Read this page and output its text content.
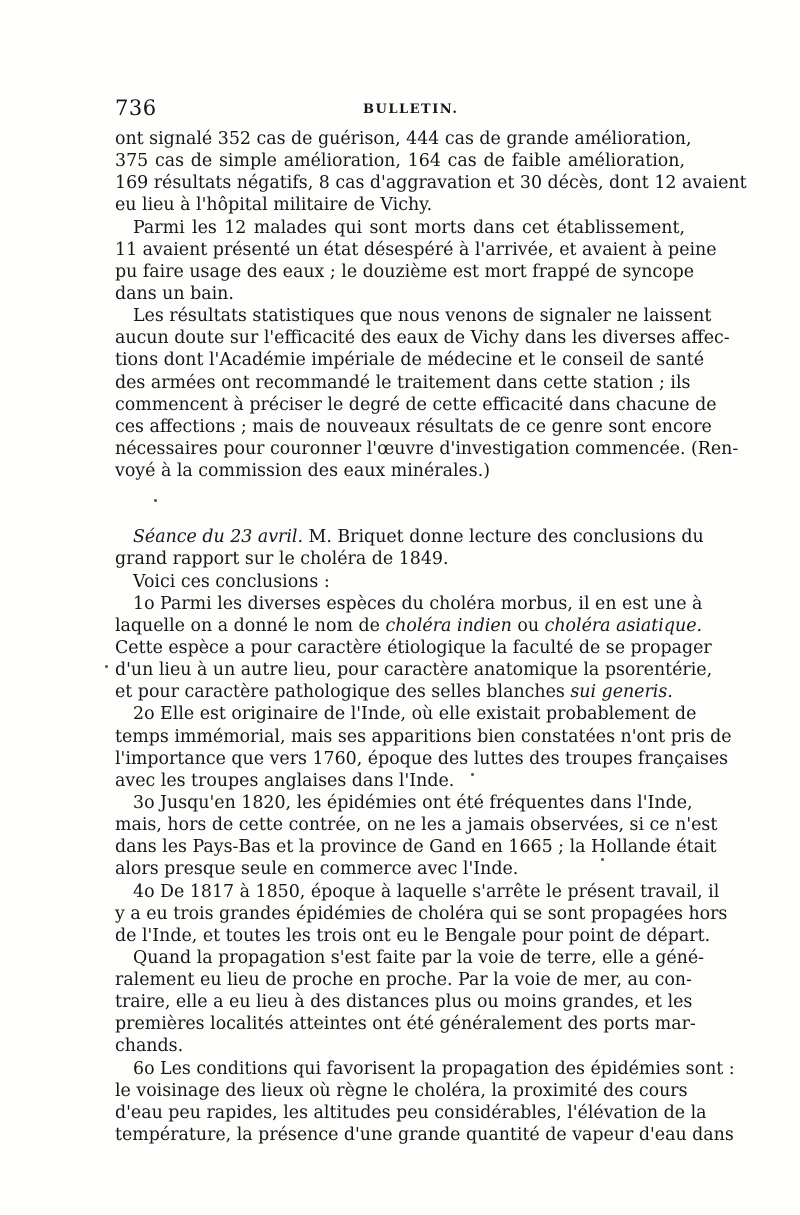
736	BULLETIN.
ont signalé 352 cas de guérison, 444 cas de grande amélioration,
375 cas de simple amélioration, 164 cas de faible amélioration,
169 résultats négatifs, 8 cas d'aggravation et 30 décès, dont 12 avaient
eu lieu à l'hôpital militaire de Vichy.
Parmi les 12 malades qui sont morts dans cet établissement,
11 avaient présenté un état désespéré à l'arrivée, et avaient à peine
pu faire usage des eaux ; le douzième est mort frappé de syncope
dans un bain.
Les résultats statistiques que nous venons de signaler ne laissent
aucun doute sur l'efficacité des eaux de Vichy dans les diverses affec-
tions dont l'Académie impériale de médecine et le conseil de santé
des armées ont recommandé le traitement dans cette station ; ils
commencent à préciser le degré de cette efficacité dans chacune de
ces affections ; mais de nouveaux résultats de ce genre sont encore
nécessaires pour couronner l'œuvre d'investigation commencée. (Ren-
voyé à la commission des eaux minérales.)
Séance du 23 avril. M. Briquet donne lecture des conclusions du
grand rapport sur le choléra de 1849.
Voici ces conclusions :
1o Parmi les diverses espèces du choléra morbus, il en est une à
laquelle on a donné le nom de choléra indien ou choléra asiatique.
Cette espèce a pour caractère étiologique la faculté de se propager
d'un lieu à un autre lieu, pour caractère anatomique la psorentérie,
et pour caractère pathologique des selles blanches sui generis.
2o Elle est originaire de l'Inde, où elle existait probablement de
temps immémorial, mais ses apparitions bien constatées n'ont pris de
l'importance que vers 1760, époque des luttes des troupes françaises
avec les troupes anglaises dans l'Inde.
3o Jusqu'en 1820, les épidémies ont été fréquentes dans l'Inde,
mais, hors de cette contrée, on ne les a jamais observées, si ce n'est
dans les Pays-Bas et la province de Gand en 1665 ; la Hollande était
alors presque seule en commerce avec l'Inde.
4o De 1817 à 1850, époque à laquelle s'arrête le présent travail, il
y a eu trois grandes épidémies de choléra qui se sont propagées hors
de l'Inde, et toutes les trois ont eu le Bengale pour point de départ.
Quand la propagation s'est faite par la voie de terre, elle a géné-
ralement eu lieu de proche en proche. Par la voie de mer, au con-
traire, elle a eu lieu à des distances plus ou moins grandes, et les
premières localités atteintes ont été généralement des ports mar-
chands.
6o Les conditions qui favorisent la propagation des épidémies sont :
le voisinage des lieux où règne le choléra, la proximité des cours
d'eau peu rapides, les altitudes peu considérables, l'élévation de la
température, la présence d'une grande quantité de vapeur d'eau dans
